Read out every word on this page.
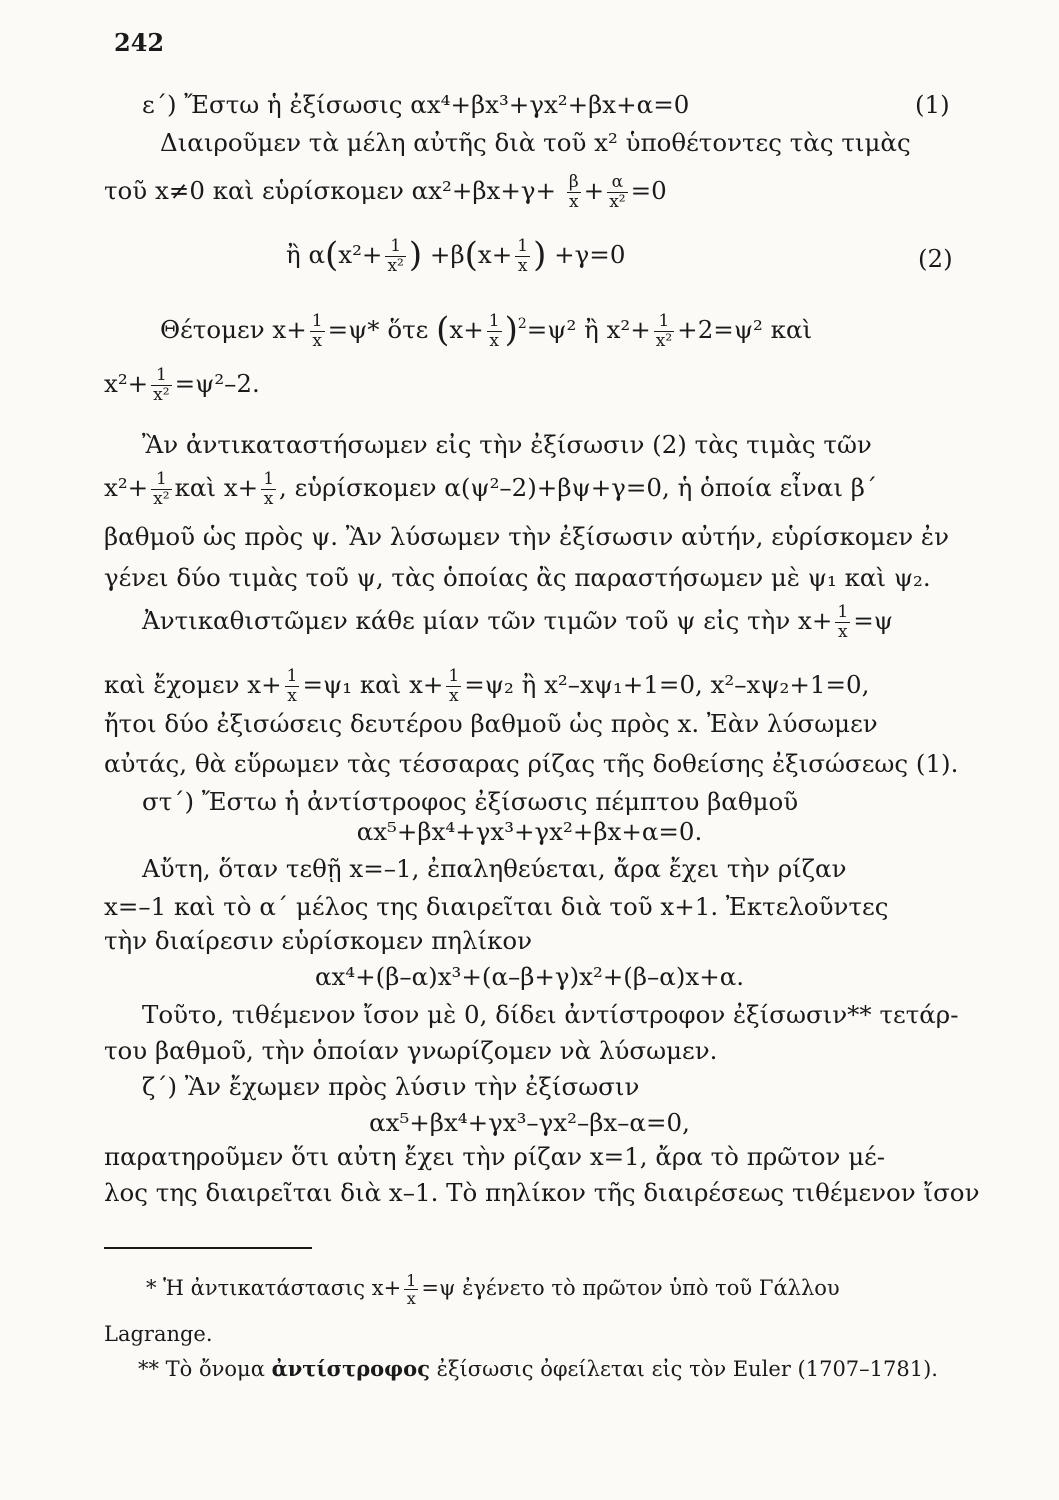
242
ε΄) Ἔστω ἡ ἐξίσωσις αx⁴+βx³+γx²+βx+α=0	(1)
Διαιροῦμεν τὰ μέλη αὐτῆς διὰ τοῦ x² ὑποθέτοντες τὰς τιμὰς
τοῦ x≠0 καὶ εὑρίσκομεν $\alpha x^2+\beta x+\gamma+ \frac{\beta}{x} + \frac{\alpha}{\text{x²}} =0$
ἢ $\alpha(x^2+ \frac{1}{\text{x²}}$ ) $+\beta(x+ \frac{1}{x}$ ) +γ=0	(2)
Θέτομεν $x+ \frac{1}{x} =\psi*$ ὅτε $(x+ \frac{1}{x} )^2=\psi^2$ ἢ $x^2+ \frac{1}{\text{x²}} +2=\psi^2$ καὶ
$x^2+ \frac{1}{\text{x²}} =\psi^2-2$.
Ἂν ἀντικαταστήσωμεν εἰς τὴν ἐξίσωσιν (2) τὰς τιμὰς τῶν
$x^2+ \frac{1}{\text{x²}}$ καὶ $x+ \frac{1}{x}$ , εὑρίσκομεν α(ψ²–2)+βψ+γ=0, ἡ ὁποία εἶναι β΄
βαθμοῦ ὡς πρὸς ψ. Ἂν λύσωμεν τὴν ἐξίσωσιν αὐτήν, εὑρίσκομεν ἐν
γένει δύο τιμὰς τοῦ ψ, τὰς ὁποίας ἂς παραστήσωμεν μὲ ψ₁ καὶ ψ₂.
Ἀντικαθιστῶμεν κάθε μίαν τῶν τιμῶν τοῦ ψ εἰς τὴν $x+ \frac{1}{x} =\psi$
καὶ ἔχομεν $x+ \frac{1}{x} =\psi_1$ καὶ $x+ \frac{1}{x} =\psi_2$ ἢ x²–xψ₁+1=0, x²–xψ₂+1=0,
ἤτοι δύο ἐξισώσεις δευτέρου βαθμοῦ ὡς πρὸς x. Ἐὰν λύσωμεν
αὐτάς, θὰ εὕρωμεν τὰς τέσσαρας ρίζας τῆς δοθείσης ἐξισώσεως (1).
στ΄) Ἔστω ἡ ἀντίστροφος ἐξίσωσις πέμπτου βαθμοῦ
αx⁵+βx⁴+γx³+γx²+βx+α=0.
Αὔτη, ὅταν τεθῇ x=–1, ἐπαληθεύεται, ἄρα ἔχει τὴν ρίζαν
x=–1 καὶ τὸ α΄ μέλος της διαιρεῖται διὰ τοῦ x+1. Ἐκτελοῦντες
τὴν διαίρεσιν εὑρίσκομεν πηλίκον
αx⁴+(β–α)x³+(α–β+γ)x²+(β–α)x+α.
Τοῦτο, τιθέμενον ἴσον μὲ 0, δίδει ἀντίστροφον ἐξίσωσιν** τετάρ-
του βαθμοῦ, τὴν ὁποίαν γνωρίζομεν νὰ λύσωμεν.
ζ΄) Ἂν ἔχωμεν πρὸς λύσιν τὴν ἐξίσωσιν
αx⁵+βx⁴+γx³–γx²–βx–α=0,
παρατηροῦμεν ὅτι αὐτη ἔχει τὴν ρίζαν x=1, ἄρα τὸ πρῶτον μέ-
λος της διαιρεῖται διὰ x–1. Τὸ πηλίκον τῆς διαιρέσεως τιθέμενον ἴσον
* Ἡ ἀντικατάστασις $x+ \frac{1}{x} =\psi$ ἐγένετο τὸ πρῶτον ὑπὸ τοῦ Γάλλου
Lagrange.
** Τὸ ὄνομα ἀντίστροφος ἐξίσωσις ὀφείλεται εἰς τὸν Euler (1707–1781).
